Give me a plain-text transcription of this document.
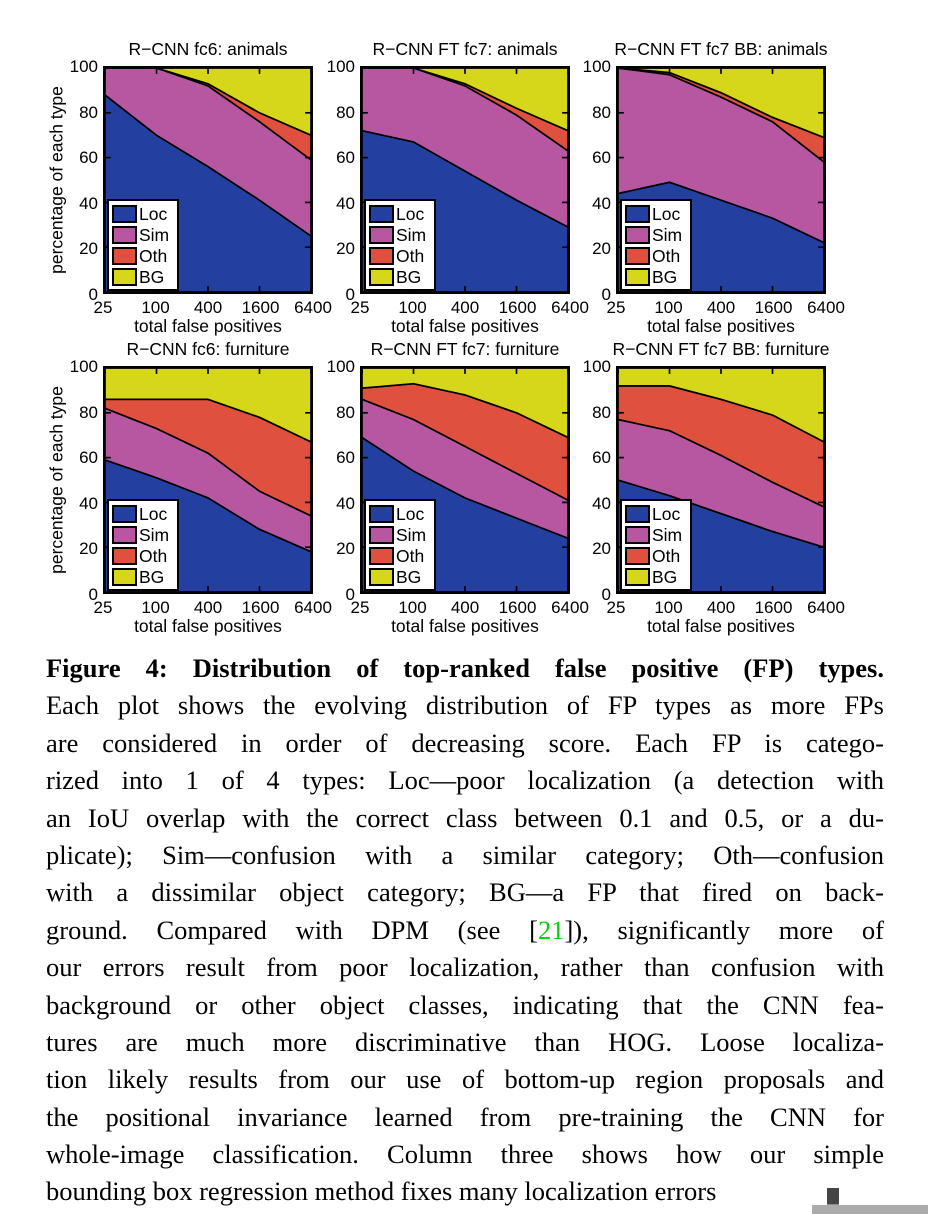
R−CNN fc6: animals
percentage of each type
0
20
40
60
80
100
25	100	400	1600 6400
total false positives
Loc
Sim
Oth
BG
R−CNN FT fc7: animals
0
20
40
60
80
100
25	100	400	1600 6400
total false positives
Loc
Sim
Oth
BG
R−CNN FT fc7 BB: animals
0
20
40
60
80
100
25	100	400	1600 6400
total false positives
Loc
Sim
Oth
BG
R−CNN fc6: furniture
percentage of each type
0
20
40
60
80
100
25	100	400	1600 6400
total false positives
Loc
Sim
Oth
BG
R−CNN FT fc7: furniture
0
20
40
60
80
100
25	100	400	1600 6400
total false positives
Loc
Sim
Oth
BG
R−CNN FT fc7 BB: furniture
0
20
40
60
80
100
25	100	400	1600 6400
total false positives
Loc
Sim
Oth
BG
Figure 4: Distribution of top-ranked false positive (FP) types.
Each plot shows the evolving distribution of FP types as more FPs
are considered in order of decreasing score. Each FP is catego-
rized into 1 of 4 types: Loc—poor localization (a detection with
an IoU overlap with the correct class between 0.1 and 0.5, or a du-
plicate); Sim—confusion with a similar category; Oth—confusion
with a dissimilar object category; BG—a FP that fired on back-
ground. Compared with DPM (see [21]), significantly more of
our errors result from poor localization, rather than confusion with
background or other object classes, indicating that the CNN fea-
tures are much more discriminative than HOG. Loose localiza-
tion likely results from our use of bottom-up region proposals and
the positional invariance learned from pre-training the CNN for
whole-image classification. Column three shows how our simple
bounding box regression method fixes many localization errors
